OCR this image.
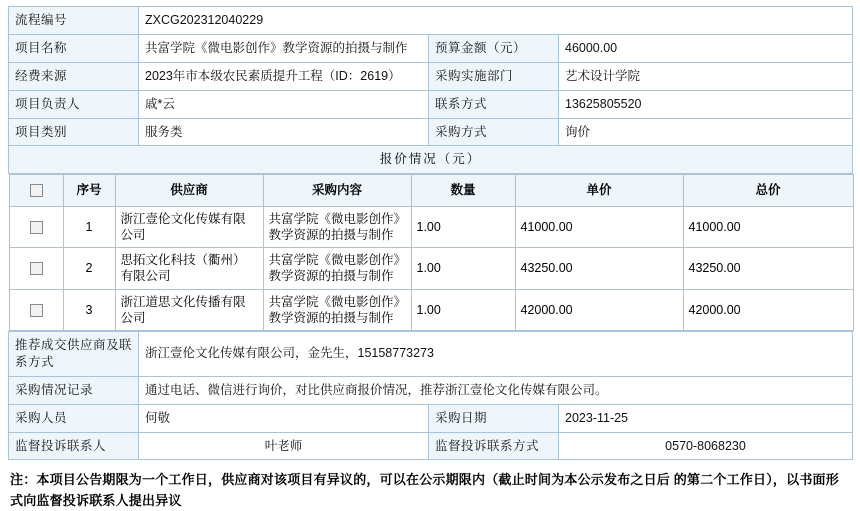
流程编号	ZXCG202312040229
项目名称	共富学院《微电影创作》教学资源的拍摄与制作	预算金额（元）	46000.00
经费来源	2023年市本级农民素质提升工程（ID：2619）	采购实施部门	艺术设计学院
项目负责人	戚*云	联系方式	13625805520
项目类别	服务类	采购方式	询价
报价情况（元）

	序号	供应商	采购内容	数量	单价	总价
	1	浙江壹伦文化传媒有限公司	共富学院《微电影创作》教学资源的拍摄与制作	1.00	41000.00	41000.00
	2	思拓文化科技（衢州）有限公司	共富学院《微电影创作》教学资源的拍摄与制作	1.00	43250.00	43250.00
	3	浙江道思文化传播有限公司	共富学院《微电影创作》教学资源的拍摄与制作	1.00	42000.00	42000.00

推荐成交供应商及联系方式	浙江壹伦文化传媒有限公司，金先生，15158773273
采购情况记录	通过电话、微信进行询价，对比供应商报价情况，推荐浙江壹伦文化传媒有限公司。
采购人员	何敬	采购日期	2023-11-25
监督投诉联系人	叶老师	监督投诉联系方式	0570-8068230
注：本项目公告期限为一个工作日，供应商对该项目有异议的，可以在公示期限内（截止时间为本公示发布之日后 的第二个工作日），以书面形式向监督投诉联系人提出异议
